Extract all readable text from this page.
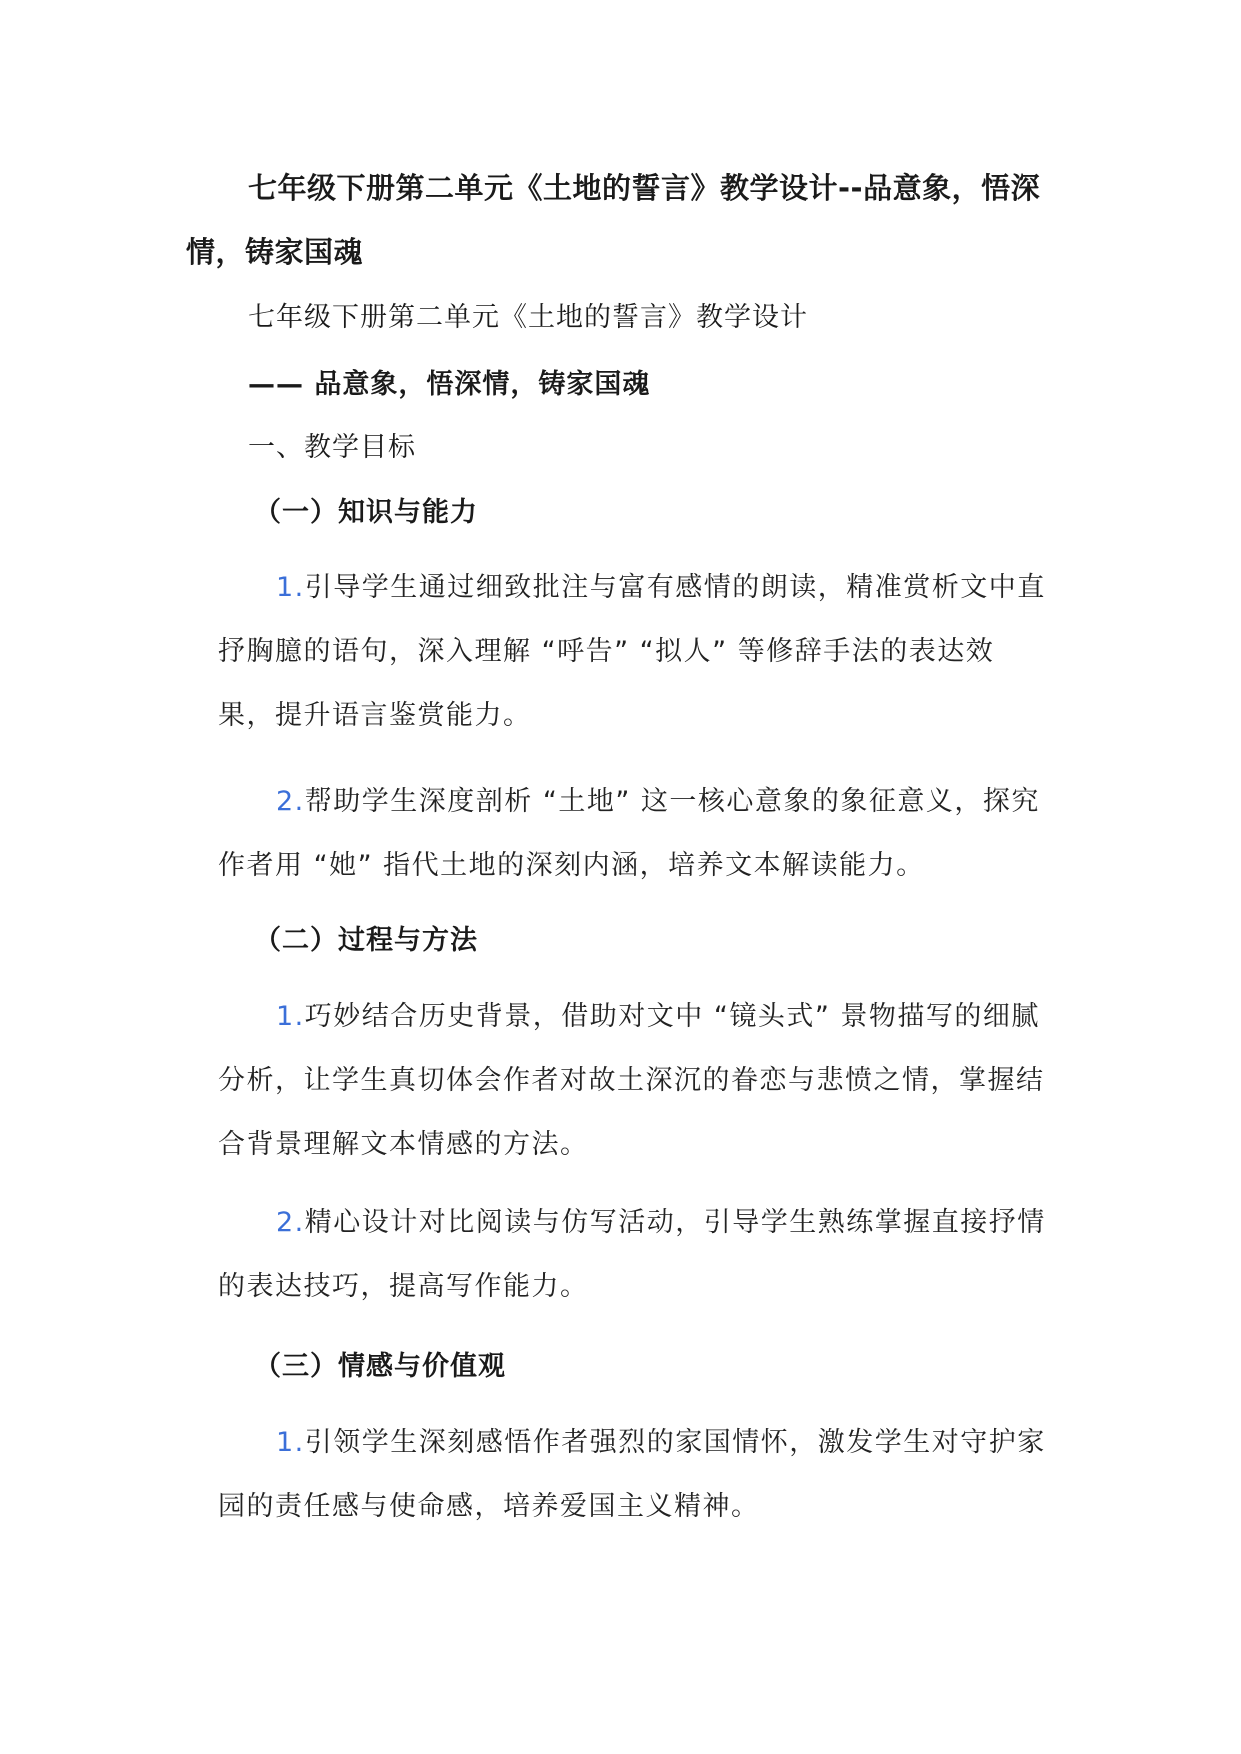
七年级下册第二单元《土地的誓言》教学设计--品意象，悟深情，铸家国魂

七年级下册第二单元《土地的誓言》教学设计

—— 品意象，悟深情，铸家国魂

一、教学目标
（一）知识与能力

1.引导学生通过细致批注与富有感情的朗读，精准赏析文中直抒胸臆的语句，深入理解 “呼告” “拟人” 等修辞手法的表达效果，提升语言鉴赏能力。

2.帮助学生深度剖析 “土地” 这一核心意象的象征意义，探究作者用 “她” 指代土地的深刻内涵，培养文本解读能力。

（二）过程与方法

1.巧妙结合历史背景，借助对文中 “镜头式” 景物描写的细腻分析，让学生真切体会作者对故土深沉的眷恋与悲愤之情，掌握结合背景理解文本情感的方法。

2.精心设计对比阅读与仿写活动，引导学生熟练掌握直接抒情的表达技巧，提高写作能力。

（三）情感与价值观

1.引领学生深刻感悟作者强烈的家国情怀，激发学生对守护家园的责任感与使命感，培养爱国主义精神。
